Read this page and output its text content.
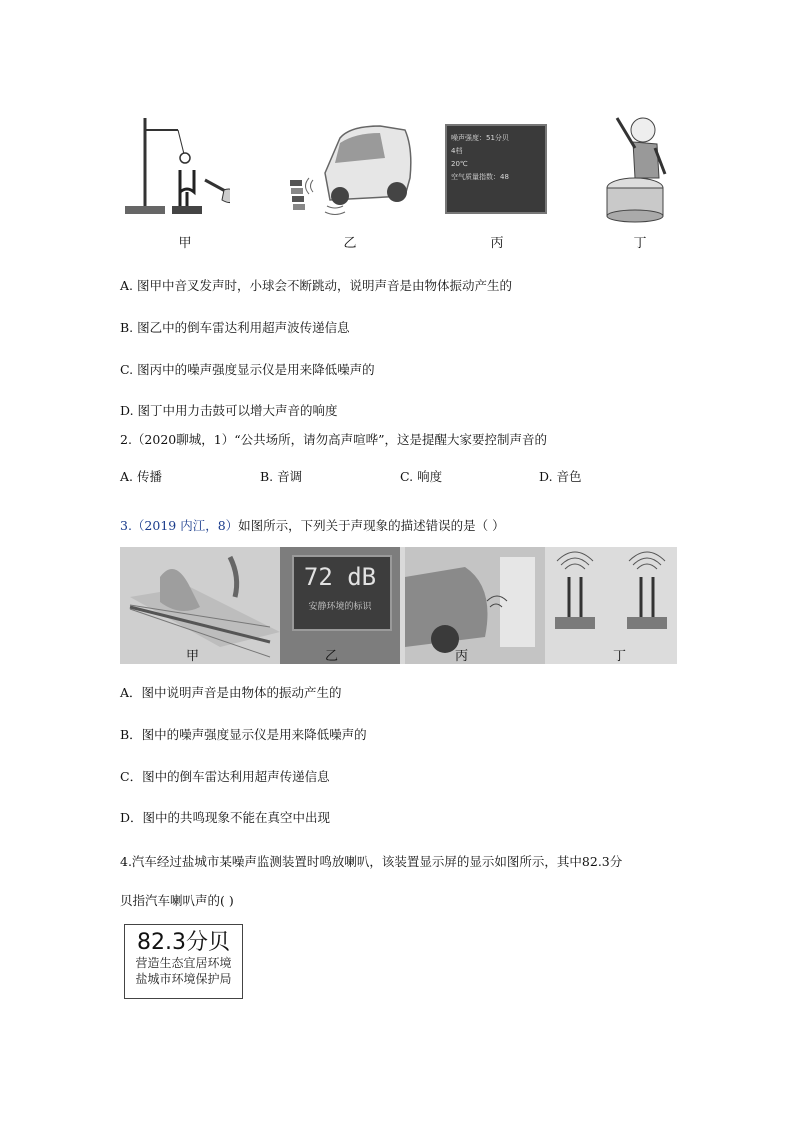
甲	乙
噪声强度：51分贝
4档
20℃
空气质量指数：48
丙	丁
A. 图甲中音叉发声时，小球会不断跳动，说明声音是由物体振动产生的
B. 图乙中的倒车雷达利用超声波传递信息
C. 图丙中的噪声强度显示仪是用来降低噪声的
D. 图丁中用力击鼓可以增大声音的响度
2.（2020聊城，1）“公共场所，请勿高声喧哗”，这是提醒大家要控制声音的
A. 传播	B. 音调	C. 响度	D. 音色
3.（2019 内江，8）如图所示，下列关于声现象的描述错误的是（ ）
甲
72 dB
安静环境的标识
乙	丙	丁
A．图中说明声音是由物体的振动产生的
B．图中的噪声强度显示仪是用来降低噪声的
C．图中的倒车雷达利用超声传递信息
D．图中的共鸣现象不能在真空中出现
4.汽车经过盐城市某噪声监测装置时鸣放喇叭，该装置显示屏的显示如图所示，其中82.3分
贝指汽车喇叭声的( )
82.3分贝
营造生态宜居环境
盐城市环境保护局
